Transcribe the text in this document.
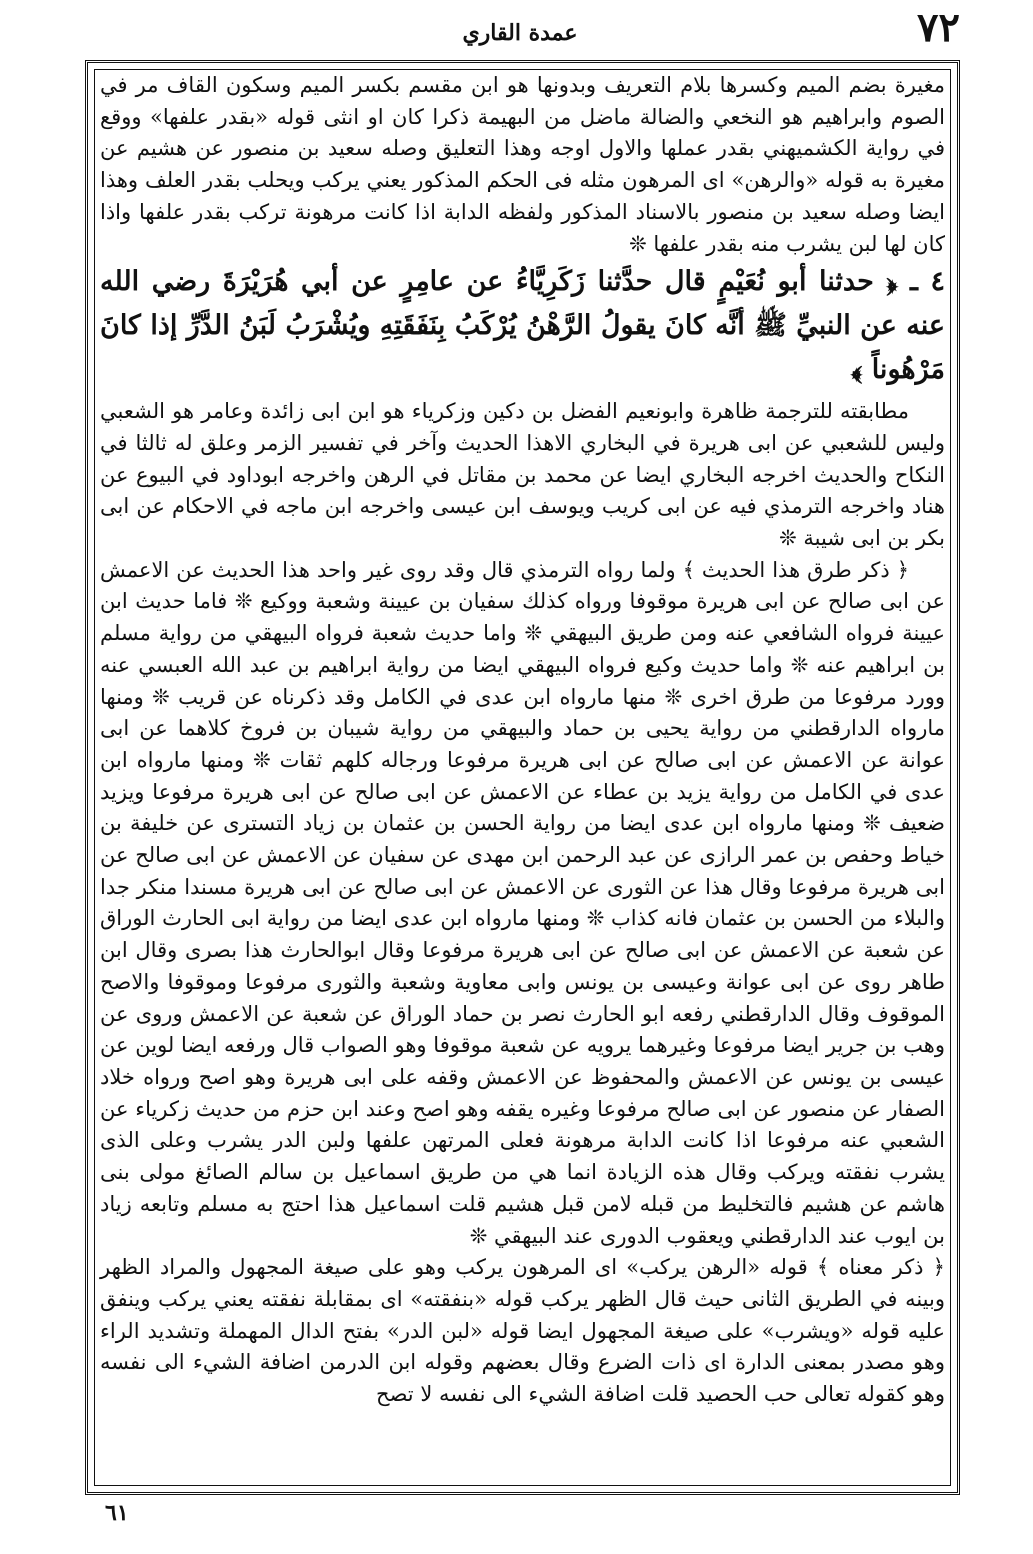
٧٢
عمدة القاري

مغيرة بضم الميم وكسرها بلام التعريف وبدونها هو ابن مقسم بكسر الميم وسكون القاف مر في الصوم وابراهيم هو النخعي والضالة ماضل من البهيمة ذكرا كان او انثى قوله «بقدر علفها» ووقع في رواية الكشميهني بقدر عملها والاول اوجه وهذا التعليق وصله سعيد بن منصور عن هشيم عن مغيرة به قوله «والرهن» اى المرهون مثله فى الحكم المذكور يعني يركب ويحلب بقدر العلف وهذا ايضا وصله سعيد بن منصور بالاسناد المذكور ولفظه الدابة اذا كانت مرهونة تركب بقدر علفها واذا كان لها لبن يشرب منه بقدر علفها ❊

٤ ـ ﴿ حدثنا أبو نُعَيْمٍ قال حدَّثنا زَكَرِيَّاءُ عن عامِرٍ عن أبي هُرَيْرَةَ رضي الله عنه عن النبيِّ ﷺ أنَّه كانَ يقولُ الرَّهْنُ يُرْكَبُ بِنَفَقَتِهِ ويُشْرَبُ لَبَنُ الدَّرِّ إذا كانَ مَرْهُوناً ﴾

مطابقته للترجمة ظاهرة وابونعيم الفضل بن دكين وزكرياء هو ابن ابى زائدة وعامر هو الشعبي وليس للشعبي عن ابى هريرة في البخاري الاهذا الحديث وآخر في تفسير الزمر وعلق له ثالثا في النكاح والحديث اخرجه البخاري ايضا عن محمد بن مقاتل في الرهن واخرجه ابوداود في البيوع عن هناد واخرجه الترمذي فيه عن ابى كريب ويوسف ابن عيسى واخرجه ابن ماجه في الاحكام عن ابى بكر بن ابى شيبة ❊

﴿ ذكر طرق هذا الحديث ﴾ ولما رواه الترمذي قال وقد روى غير واحد هذا الحديث عن الاعمش عن ابى صالح عن ابى هريرة موقوفا ورواه كذلك سفيان بن عيينة وشعبة ووكيع ❊ فاما حديث ابن عيينة فرواه الشافعي عنه ومن طريق البيهقي ❊ واما حديث شعبة فرواه البيهقي من رواية مسلم بن ابراهيم عنه ❊ واما حديث وكيع فرواه البيهقي ايضا من رواية ابراهيم بن عبد الله العبسي عنه وورد مرفوعا من طرق اخرى ❊ منها مارواه ابن عدى في الكامل وقد ذكرناه عن قريب ❊ ومنها مارواه الدارقطني من رواية يحيى بن حماد والبيهقي من رواية شيبان بن فروخ كلاهما عن ابى عوانة عن الاعمش عن ابى صالح عن ابى هريرة مرفوعا ورجاله كلهم ثقات ❊ ومنها مارواه ابن عدى في الكامل من رواية يزيد بن عطاء عن الاعمش عن ابى صالح عن ابى هريرة مرفوعا ويزيد ضعيف ❊ ومنها مارواه ابن عدى ايضا من رواية الحسن بن عثمان بن زياد التسترى عن خليفة بن خياط وحفص بن عمر الرازى عن عبد الرحمن ابن مهدى عن سفيان عن الاعمش عن ابى صالح عن ابى هريرة مرفوعا وقال هذا عن الثورى عن الاعمش عن ابى صالح عن ابى هريرة مسندا منكر جدا والبلاء من الحسن بن عثمان فانه كذاب ❊ ومنها مارواه ابن عدى ايضا من رواية ابى الحارث الوراق عن شعبة عن الاعمش عن ابى صالح عن ابى هريرة مرفوعا وقال ابوالحارث هذا بصرى وقال ابن طاهر روى عن ابى عوانة وعيسى بن يونس وابى معاوية وشعبة والثورى مرفوعا وموقوفا والاصح الموقوف وقال الدارقطني رفعه ابو الحارث نصر بن حماد الوراق عن شعبة عن الاعمش وروى عن وهب بن جرير ايضا مرفوعا وغيرهما يرويه عن شعبة موقوفا وهو الصواب قال ورفعه ايضا لوين عن عيسى بن يونس عن الاعمش والمحفوظ عن الاعمش وقفه على ابى هريرة وهو اصح ورواه خلاد الصفار عن منصور عن ابى صالح مرفوعا وغيره يقفه وهو اصح وعند ابن حزم من حديث زكرياء عن الشعبي عنه مرفوعا اذا كانت الدابة مرهونة فعلى المرتهن علفها ولبن الدر يشرب وعلى الذى يشرب نفقته ويركب وقال هذه الزيادة انما هي من طريق اسماعيل بن سالم الصائغ مولى بنى هاشم عن هشيم فالتخليط من قبله لامن قبل هشيم قلت اسماعيل هذا احتج به مسلم وتابعه زياد بن ايوب عند الدارقطني ويعقوب الدورى عند البيهقي ❊

﴿ ذكر معناه ﴾ قوله «الرهن يركب» اى المرهون يركب وهو على صيغة المجهول والمراد الظهر وبينه في الطريق الثانى حيث قال الظهر يركب قوله «بنفقته» اى بمقابلة نفقته يعني يركب وينفق عليه قوله «ويشرب» على صيغة المجهول ايضا قوله «لبن الدر» بفتح الدال المهملة وتشديد الراء وهو مصدر بمعنى الدارة اى ذات الضرع وقال بعضهم وقوله ابن الدرمن اضافة الشيء الى نفسه وهو كقوله تعالى حب الحصيد قلت اضافة الشيء الى نفسه لا تصح

٦١
